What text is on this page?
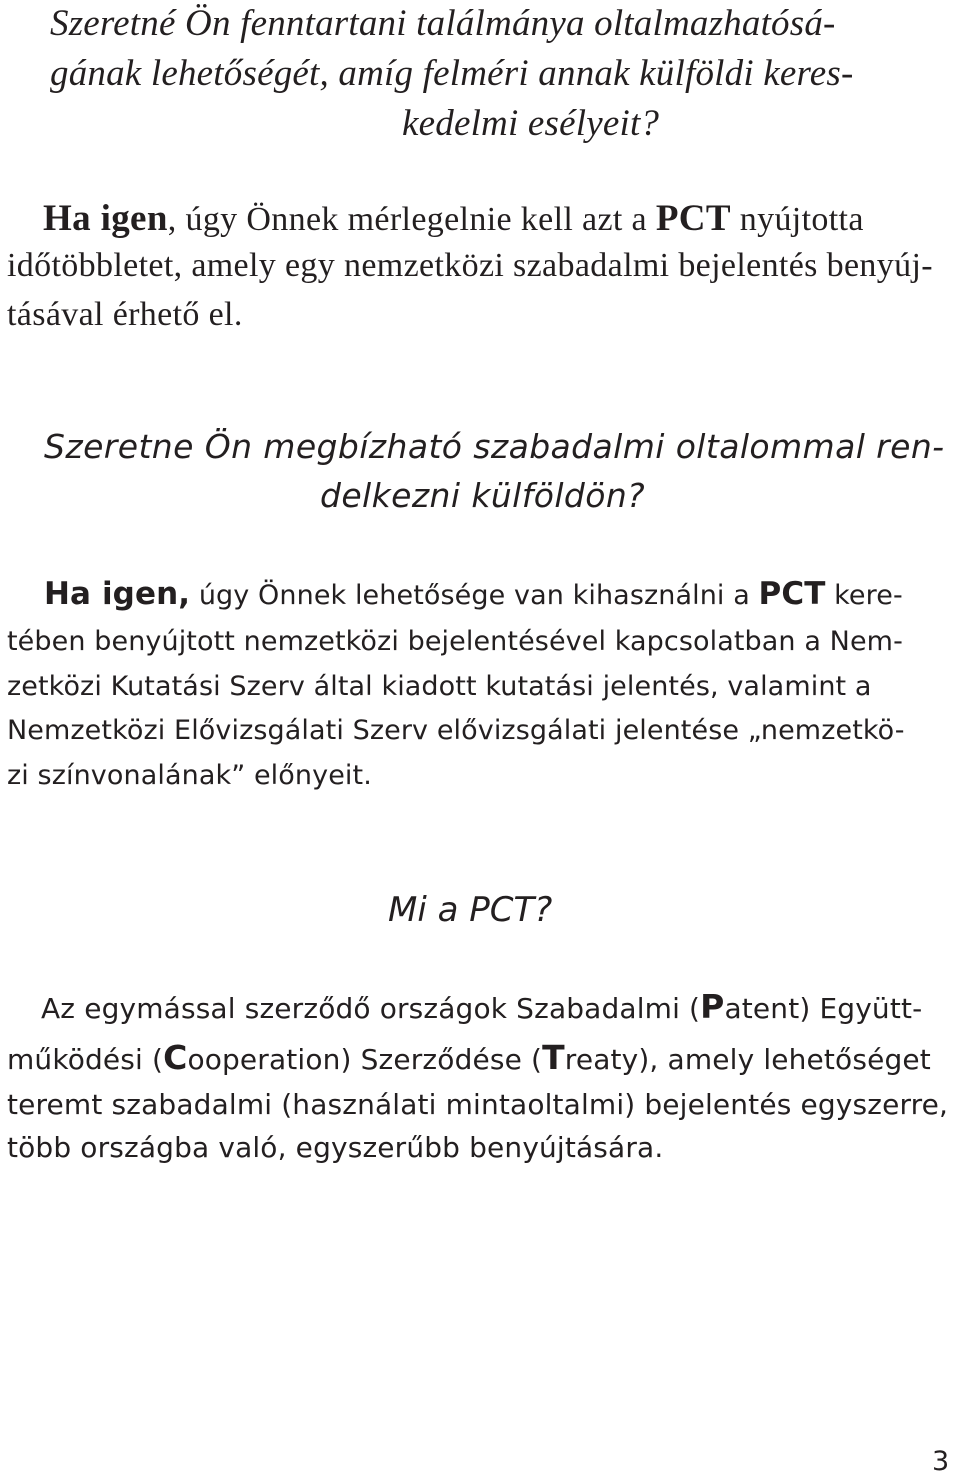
Szeretné Ön fenntartani találmánya oltalmazhatósá-
gának lehetőségét, amíg felméri annak külföldi keres-
kedelmi esélyeit?
Ha igen, úgy Önnek mérlegelnie kell azt a PCT nyújtotta
időtöbbletet, amely egy nemzetközi szabadalmi bejelentés benyúj-
tásával érhető el.
Szeretne Ön megbízható szabadalmi oltalommal ren-
delkezni külföldön?
Ha igen, úgy Önnek lehetősége van kihasználni a PCT kere-
tében benyújtott nemzetközi bejelentésével kapcsolatban a Nem-
zetközi Kutatási Szerv által kiadott kutatási jelentés, valamint a
Nemzetközi Elővizsgálati Szerv elővizsgálati jelentése „nemzetkö-
zi színvonalának” előnyeit.
Mi a PCT?
Az egymással szerződő országok Szabadalmi (Patent) Együtt-
működési (Cooperation) Szerződése (Treaty), amely lehetőséget
teremt szabadalmi (használati mintaoltalmi) bejelentés egyszerre,
több országba való, egyszerűbb benyújtására.
3
